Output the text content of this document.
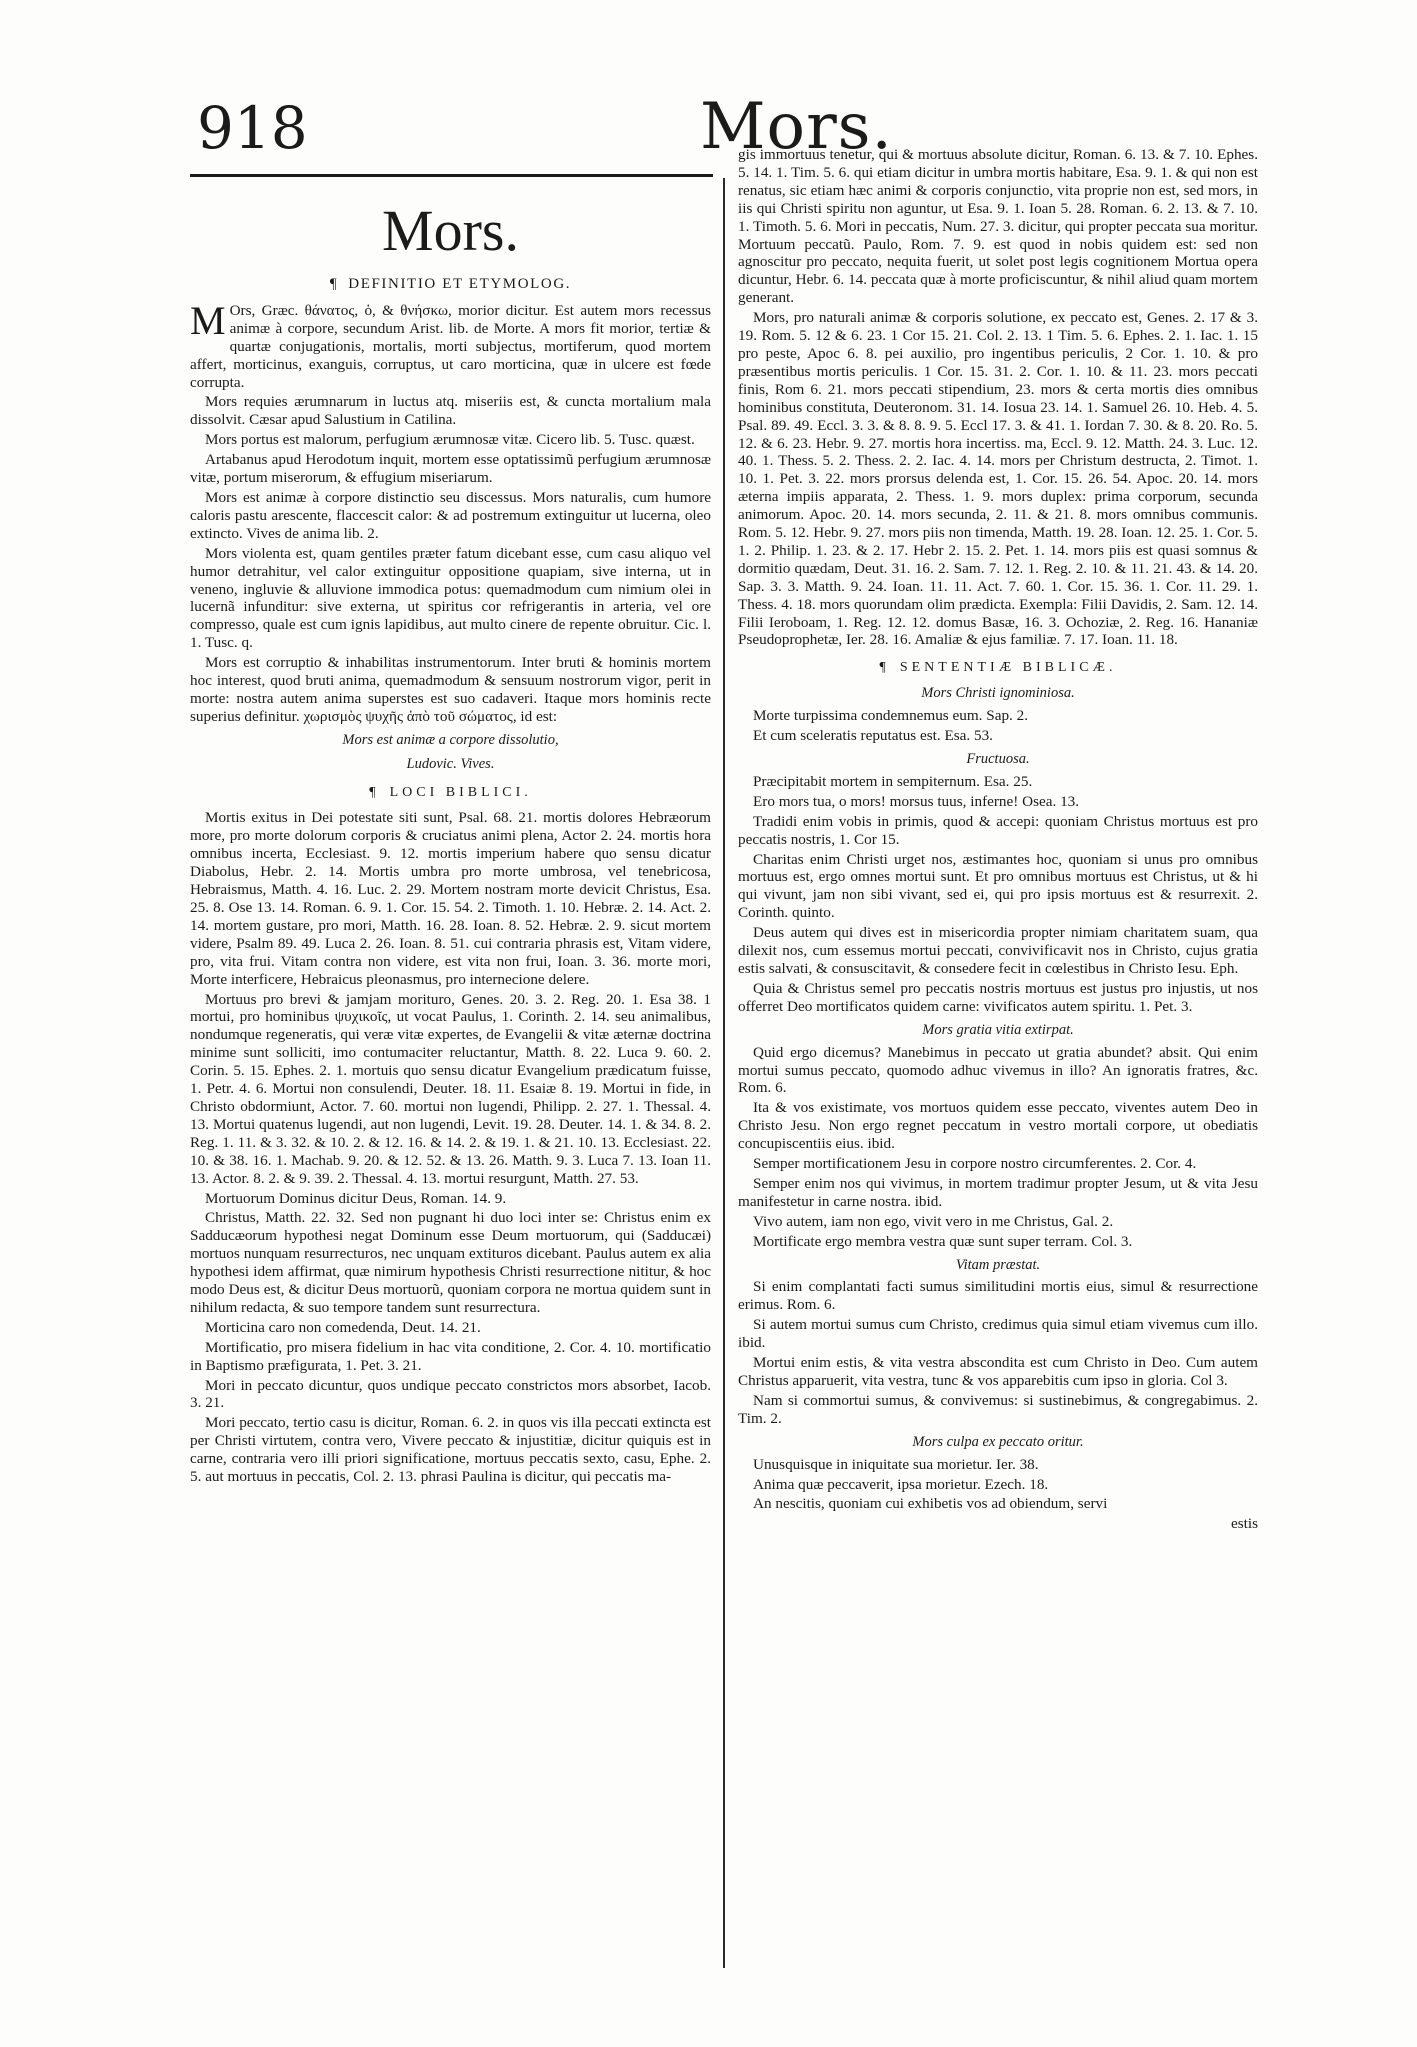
918	Mors.
Mors.
¶ DEFINITIO ET ETYMOLOG.

M Ors, Græc. θάνατος, ὁ, & θνήσκω, morior dicitur. Est autem mors recessus animæ à corpore, secundum Arist. lib. de Morte. A mors fit morior, tertiæ & quartæ conjugationis, mortalis, morti subjectus, mortiferum, quod mortem affert, morticinus, exanguis, corruptus, ut caro morticina, quæ in ulcere est fœde corrupta.

Mors requies ærumnarum in luctus atq. miseriis est, & cuncta mortalium mala dissolvit. Cæsar apud Salustium in Catilina.

Mors portus est malorum, perfugium ærumnosæ vitæ. Cicero lib. 5. Tusc. quæst.

Artabanus apud Herodotum inquit, mortem esse optatissimũ perfugium ærumnosæ vitæ, portum miserorum, & effugium miseriarum.

Mors est animæ à corpore distinctio seu discessus. Mors naturalis, cum humore caloris pastu arescente, flaccescit calor: & ad postremum extinguitur ut lucerna, oleo extincto. Vives de anima lib. 2.

Mors violenta est, quam gentiles præter fatum dicebant esse, cum casu aliquo vel humor detrahitur, vel calor extinguitur oppositione quapiam, sive interna, ut in veneno, ingluvie & alluvione immodica potus: quemadmodum cum nimium olei in lucernã infunditur: sive externa, ut spiritus cor refrigerantis in arteria, vel ore compresso, quale est cum ignis lapidibus, aut multo cinere de repente obruitur. Cic. l. 1. Tusc. q.

Mors est corruptio & inhabilitas instrumentorum. Inter bruti & hominis mortem hoc interest, quod bruti anima, quemadmodum & sensuum nostrorum vigor, perit in morte: nostra autem anima superstes est suo cadaveri. Itaque mors hominis recte superius definitur. χωρισμὸς ψυχῆς ἀπὸ τοῦ σώματος, id est:

Mors est animæ a corpore dissolutio,
Ludovic. Vives.
¶ LOCI BIBLICI.

Mortis exitus in Dei potestate siti sunt, Psal. 68. 21. mortis dolores Hebræorum more, pro morte dolorum corporis & cruciatus animi plena, Actor 2. 24. mortis hora omnibus incerta, Ecclesiast. 9. 12. mortis imperium habere quo sensu dicatur Diabolus, Hebr. 2. 14. Mortis umbra pro morte umbrosa, vel tenebricosa, Hebraismus, Matth. 4. 16. Luc. 2. 29. Mortem nostram morte devicit Christus, Esa. 25. 8. Ose 13. 14. Roman. 6. 9. 1. Cor. 15. 54. 2. Timoth. 1. 10. Hebræ. 2. 14. Act. 2. 14. mortem gustare, pro mori, Matth. 16. 28. Ioan. 8. 52. Hebræ. 2. 9. sicut mortem videre, Psalm 89. 49. Luca 2. 26. Ioan. 8. 51. cui contraria phrasis est, Vitam videre, pro, vita frui. Vitam contra non videre, est vita non frui, Ioan. 3. 36. morte mori, Morte interficere, Hebraicus pleonasmus, pro internecione delere.

Mortuus pro brevi & jamjam morituro, Genes. 20. 3. 2. Reg. 20. 1. Esa 38. 1 mortui, pro hominibus ψυχικοῖς, ut vocat Paulus, 1. Corinth. 2. 14. seu animalibus, nondumque regeneratis, qui veræ vitæ expertes, de Evangelii & vitæ æternæ doctrina minime sunt solliciti, imo contumaciter reluctantur, Matth. 8. 22. Luca 9. 60. 2. Corin. 5. 15. Ephes. 2. 1. mortuis quo sensu dicatur Evangelium prædicatum fuisse, 1. Petr. 4. 6. Mortui non consulendi, Deuter. 18. 11. Esaiæ 8. 19. Mortui in fide, in Christo obdormiunt, Actor. 7. 60. mortui non lugendi, Philipp. 2. 27. 1. Thessal. 4. 13. Mortui quatenus lugendi, aut non lugendi, Levit. 19. 28. Deuter. 14. 1. & 34. 8. 2. Reg. 1. 11. & 3. 32. & 10. 2. & 12. 16. & 14. 2. & 19. 1. & 21. 10. 13. Ecclesiast. 22. 10. & 38. 16. 1. Machab. 9. 20. & 12. 52. & 13. 26. Matth. 9. 3. Luca 7. 13. Ioan 11. 13. Actor. 8. 2. & 9. 39. 2. Thessal. 4. 13. mortui resurgunt, Matth. 27. 53.

Mortuorum Dominus dicitur Deus, Roman. 14. 9.

Christus, Matth. 22. 32. Sed non pugnant hi duo loci inter se: Christus enim ex Sadducæorum hypothesi negat Dominum esse Deum mortuorum, qui (Sadducæi) mortuos nunquam resurrecturos, nec unquam extituros dicebant. Paulus autem ex alia hypothesi idem affirmat, quæ nimirum hypothesis Christi resurrectione nititur, & hoc modo Deus est, & dicitur Deus mortuorũ, quoniam corpora ne mortua quidem sunt in nihilum redacta, & suo tempore tandem sunt resurrectura.

Morticina caro non comedenda, Deut. 14. 21.

Mortificatio, pro misera fidelium in hac vita conditione, 2. Cor. 4. 10. mortificatio in Baptismo præfigurata, 1. Pet. 3. 21.

Mori in peccato dicuntur, quos undique peccato constrictos mors absorbet, Iacob. 3. 21.

Mori peccato, tertio casu is dicitur, Roman. 6. 2. in quos vis illa peccati extincta est per Christi virtutem, contra vero, Vivere peccato & injustitiæ, dicitur quiquis est in carne, contraria vero illi priori significatione, mortuus peccatis sexto, casu, Ephe. 2. 5. aut mortuus in peccatis, Col. 2. 13. phrasi Paulina is dicitur, qui peccatis ma-

gis immortuus tenetur, qui & mortuus absolute dicitur, Roman. 6. 13. & 7. 10. Ephes. 5. 14. 1. Tim. 5. 6. qui etiam dicitur in umbra mortis habitare, Esa. 9. 1. & qui non est renatus, sic etiam hæc animi & corporis conjunctio, vita proprie non est, sed mors, in iis qui Christi spiritu non aguntur, ut Esa. 9. 1. Ioan 5. 28. Roman. 6. 2. 13. & 7. 10. 1. Timoth. 5. 6. Mori in peccatis, Num. 27. 3. dicitur, qui propter peccata sua moritur. Mortuum peccatũ. Paulo, Rom. 7. 9. est quod in nobis quidem est: sed non agnoscitur pro peccato, nequita fuerit, ut solet post legis cognitionem Mortua opera dicuntur, Hebr. 6. 14. peccata quæ à morte proficiscuntur, & nihil aliud quam mortem generant.

Mors, pro naturali animæ & corporis solutione, ex peccato est, Genes. 2. 17 & 3. 19. Rom. 5. 12 & 6. 23. 1 Cor 15. 21. Col. 2. 13. 1 Tim. 5. 6. Ephes. 2. 1. Iac. 1. 15 pro peste, Apoc 6. 8. pei auxilio, pro ingentibus periculis, 2 Cor. 1. 10. & pro præsentibus mortis periculis. 1 Cor. 15. 31. 2. Cor. 1. 10. & 11. 23. mors peccati finis, Rom 6. 21. mors peccati stipendium, 23. mors & certa mortis dies omnibus hominibus constituta, Deuteronom. 31. 14. Iosua 23. 14. 1. Samuel 26. 10. Heb. 4. 5. Psal. 89. 49. Eccl. 3. 3. & 8. 8. 9. 5. Eccl 17. 3. & 41. 1. Iordan 7. 30. & 8. 20. Ro. 5. 12. & 6. 23. Hebr. 9. 27. mortis hora incertiss. ma, Eccl. 9. 12. Matth. 24. 3. Luc. 12. 40. 1. Thess. 5. 2. Thess. 2. 2. Iac. 4. 14. mors per Christum destructa, 2. Timot. 1. 10. 1. Pet. 3. 22. mors prorsus delenda est, 1. Cor. 15. 26. 54. Apoc. 20. 14. mors æterna impiis apparata, 2. Thess. 1. 9. mors duplex: prima corporum, secunda animorum. Apoc. 20. 14. mors secunda, 2. 11. & 21. 8. mors omnibus communis. Rom. 5. 12. Hebr. 9. 27. mors piis non timenda, Matth. 19. 28. Ioan. 12. 25. 1. Cor. 5. 1. 2. Philip. 1. 23. & 2. 17. Hebr 2. 15. 2. Pet. 1. 14. mors piis est quasi somnus & dormitio quædam, Deut. 31. 16. 2. Sam. 7. 12. 1. Reg. 2. 10. & 11. 21. 43. & 14. 20. Sap. 3. 3. Matth. 9. 24. Ioan. 11. 11. Act. 7. 60. 1. Cor. 15. 36. 1. Cor. 11. 29. 1. Thess. 4. 18. mors quorundam olim prædicta. Exempla: Filii Davidis, 2. Sam. 12. 14. Filii Ieroboam, 1. Reg. 12. 12. domus Basæ, 16. 3. Ochoziæ, 2. Reg. 16. Hananiæ Pseudoprophetæ, Ier. 28. 16. Amaliæ & ejus familiæ. 7. 17. Ioan. 11. 18.

¶ SENTENTIÆ BIBLICÆ.
Mors Christi ignominiosa.

Morte turpissima condemnemus eum. Sap. 2.

Et cum sceleratis reputatus est. Esa. 53.

Fructuosa.

Præcipitabit mortem in sempiternum. Esa. 25.

Ero mors tua, o mors! morsus tuus, inferne! Osea. 13.

Tradidi enim vobis in primis, quod & accepi: quoniam Christus mortuus est pro peccatis nostris, 1. Cor 15.

Charitas enim Christi urget nos, æstimantes hoc, quoniam si unus pro omnibus mortuus est, ergo omnes mortui sunt. Et pro omnibus mortuus est Christus, ut & hi qui vivunt, jam non sibi vivant, sed ei, qui pro ipsis mortuus est & resurrexit. 2. Corinth. quinto.

Deus autem qui dives est in misericordia propter nimiam charitatem suam, qua dilexit nos, cum essemus mortui peccati, convivificavit nos in Christo, cujus gratia estis salvati, & consuscitavit, & consedere fecit in cœlestibus in Christo Iesu. Eph.

Quia & Christus semel pro peccatis nostris mortuus est justus pro injustis, ut nos offerret Deo mortificatos quidem carne: vivificatos autem spiritu. 1. Pet. 3.

Mors gratia vitia extirpat.

Quid ergo dicemus? Manebimus in peccato ut gratia abundet? absit. Qui enim mortui sumus peccato, quomodo adhuc vivemus in illo? An ignoratis fratres, &c. Rom. 6.

Ita & vos existimate, vos mortuos quidem esse peccato, viventes autem Deo in Christo Jesu. Non ergo regnet peccatum in vestro mortali corpore, ut obediatis concupiscentiis eius. ibid.

Semper mortificationem Jesu in corpore nostro circumferentes. 2. Cor. 4.

Semper enim nos qui vivimus, in mortem tradimur propter Jesum, ut & vita Jesu manifestetur in carne nostra. ibid.

Vivo autem, iam non ego, vivit vero in me Christus, Gal. 2.

Mortificate ergo membra vestra quæ sunt super terram. Col. 3.

Vitam præstat.

Si enim complantati facti sumus similitudini mortis eius, simul & resurrectione erimus. Rom. 6.

Si autem mortui sumus cum Christo, credimus quia simul etiam vivemus cum illo. ibid.

Mortui enim estis, & vita vestra abscondita est cum Christo in Deo. Cum autem Christus apparuerit, vita vestra, tunc & vos apparebitis cum ipso in gloria. Col 3.

Nam si commortui sumus, & convivemus: si sustinebimus, & congregabimus. 2. Tim. 2.

Mors culpa ex peccato oritur.

Unusquisque in iniquitate sua morietur. Ier. 38.

Anima quæ peccaverit, ipsa morietur. Ezech. 18.

An nescitis, quoniam cui exhibetis vos ad obiendum, servi

estis
